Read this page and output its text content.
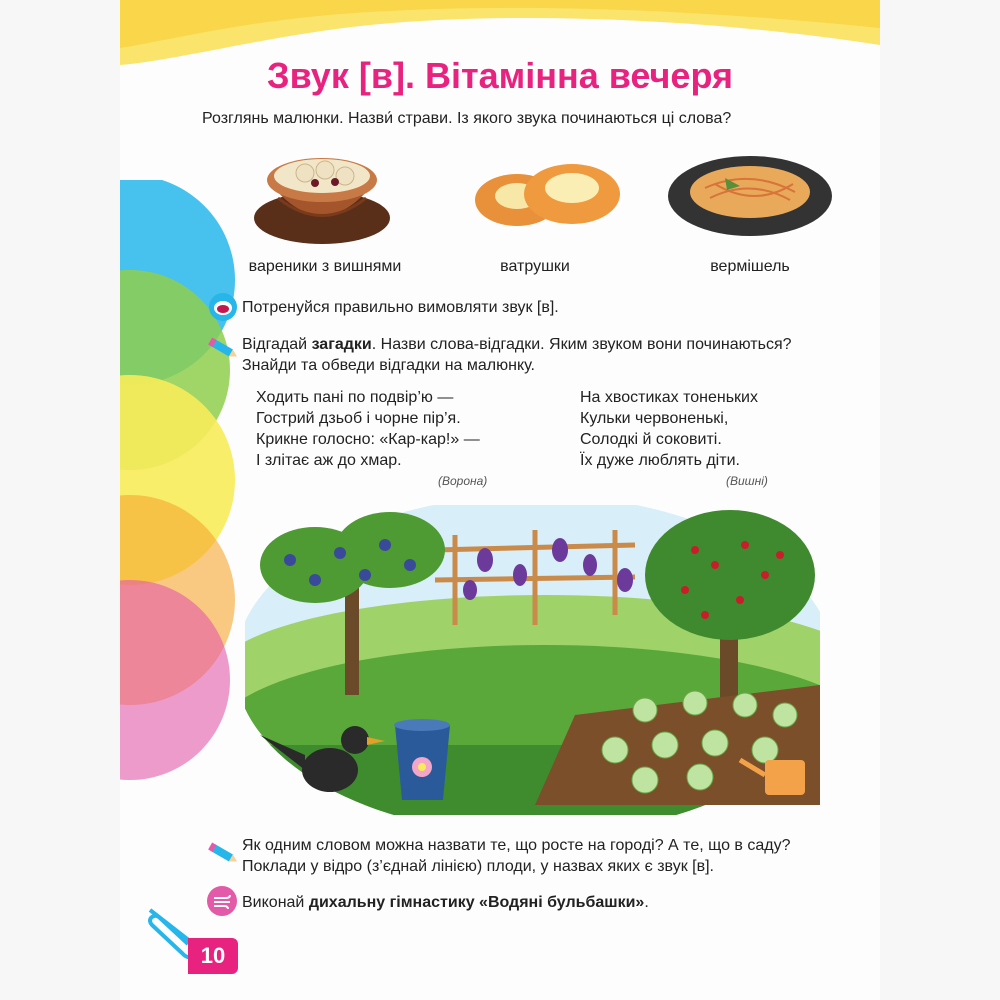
Звук [в]. Вітамінна вечеря
Розглянь малюнки. Назви́ страви. Із якого звука починаються ці слова?
вареники з вишнями	ватрушки	вермішель
Потренуйся правильно вимовляти звук [в].
Відгадай загадки. Назви слова-відгадки. Яким звуком вони починаються?
Знайди та обведи відгадки на малюнку.
Ходить пані по подвір’ю —
Гострий дзьоб і чорне пір’я.
Крикне голосно: «Кар-кар!» —
І злітає аж до хмар.
(Ворона)
На хвостиках тоненьких
Кульки червоненькі,
Солодкі й соковиті.
Їх дуже люблять діти.
(Вишні)
Як одним словом можна назвати те, що росте на городі? А те, що в саду?
Поклади у відро (з’єднай лінією) плоди, у назвах яких є звук [в].
Виконай дихальну гімнастику «Водяні бульбашки».
10
